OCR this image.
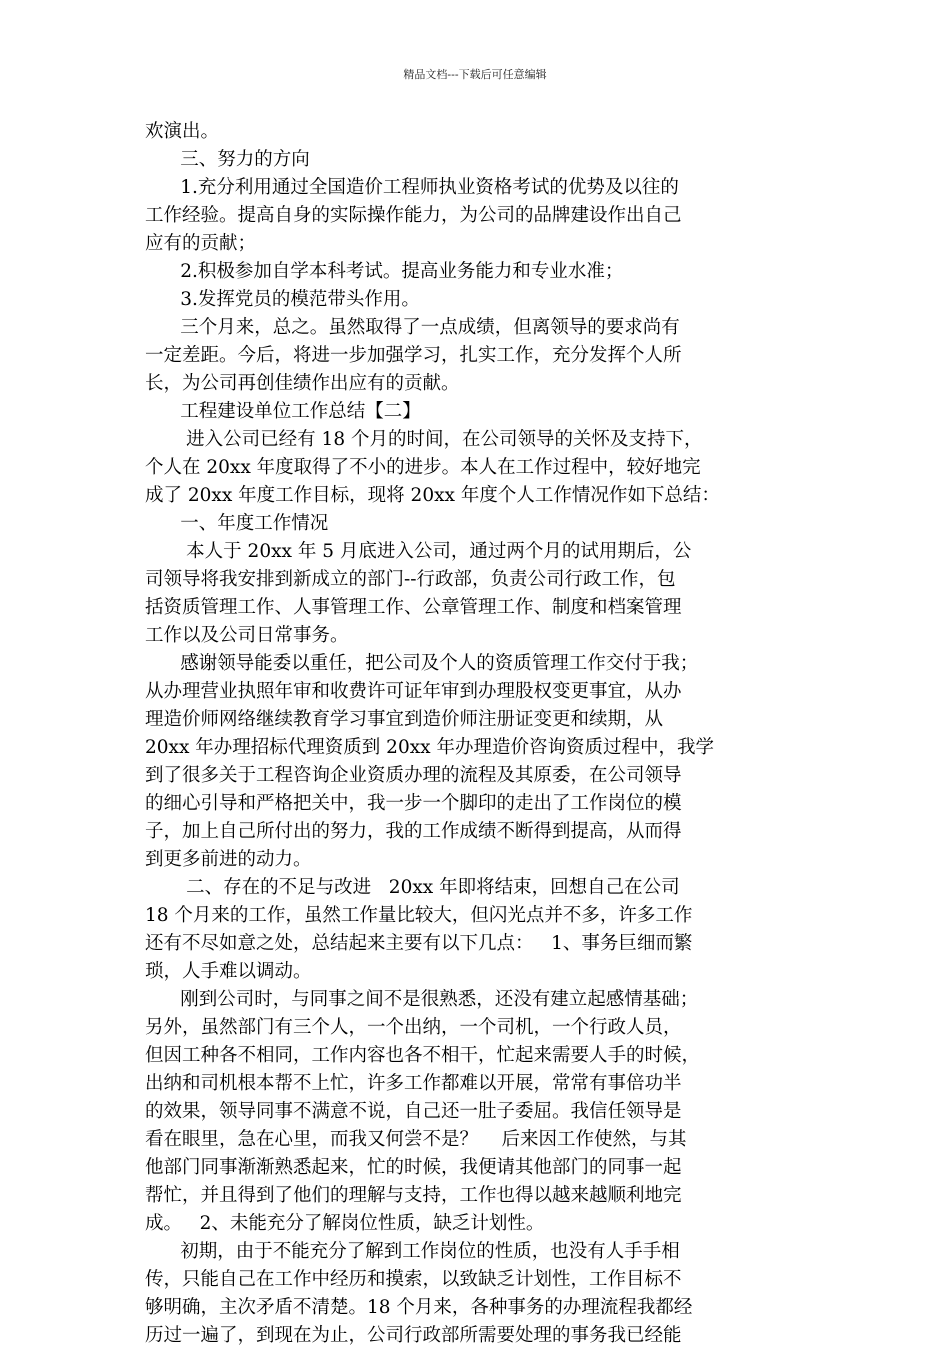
精品文档---下载后可任意编辑
欢演出。
三、努力的方向
1.充分利用通过全国造价工程师执业资格考试的优势及以往的
工作经验。提高自身的实际操作能力，为公司的品牌建设作出自己
应有的贡献；
2.积极参加自学本科考试。提高业务能力和专业水准；
3.发挥党员的模范带头作用。
三个月来，总之。虽然取得了一点成绩，但离领导的要求尚有
一定差距。今后，将进一步加强学习，扎实工作，充分发挥个人所
长，为公司再创佳绩作出应有的贡献。
工程建设单位工作总结【二】
进入公司已经有 18 个月的时间，在公司领导的关怀及支持下，
个人在 20xx 年度取得了不小的进步。本人在工作过程中，较好地完
成了 20xx 年度工作目标，现将 20xx 年度个人工作情况作如下总结：
一、年度工作情况
本人于 20xx 年 5 月底进入公司，通过两个月的试用期后，公
司领导将我安排到新成立的部门--行政部，负责公司行政工作，包
括资质管理工作、人事管理工作、公章管理工作、制度和档案管理
工作以及公司日常事务。
感谢领导能委以重任，把公司及个人的资质管理工作交付于我；
从办理营业执照年审和收费许可证年审到办理股权变更事宜，从办
理造价师网络继续教育学习事宜到造价师注册证变更和续期，从
20xx 年办理招标代理资质到 20xx 年办理造价咨询资质过程中，我学
到了很多关于工程咨询企业资质办理的流程及其原委，在公司领导
的细心引导和严格把关中，我一步一个脚印的走出了工作岗位的模
子，加上自己所付出的努力，我的工作成绩不断得到提高，从而得
到更多前进的动力。
二、存在的不足与改进   20xx 年即将结束，回想自己在公司
18 个月来的工作，虽然工作量比较大，但闪光点并不多，许多工作
还有不尽如意之处，总结起来主要有以下几点：   1、事务巨细而繁
琐，人手难以调动。
刚到公司时，与同事之间不是很熟悉，还没有建立起感情基础；
另外，虽然部门有三个人，一个出纳，一个司机，一个行政人员，
但因工种各不相同，工作内容也各不相干，忙起来需要人手的时候，
出纳和司机根本帮不上忙，许多工作都难以开展，常常有事倍功半
的效果，领导同事不满意不说，自己还一肚子委屈。我信任领导是
看在眼里，急在心里，而我又何尝不是？    后来因工作使然，与其
他部门同事渐渐熟悉起来，忙的时候，我便请其他部门的同事一起
帮忙，并且得到了他们的理解与支持，工作也得以越来越顺利地完
成。   2、未能充分了解岗位性质，缺乏计划性。
初期，由于不能充分了解到工作岗位的性质，也没有人手手相
传，只能自己在工作中经历和摸索，以致缺乏计划性，工作目标不
够明确，主次矛盾不清楚。18 个月来，各种事务的办理流程我都经
历过一遍了，到现在为止，公司行政部所需要处理的事务我已经能
